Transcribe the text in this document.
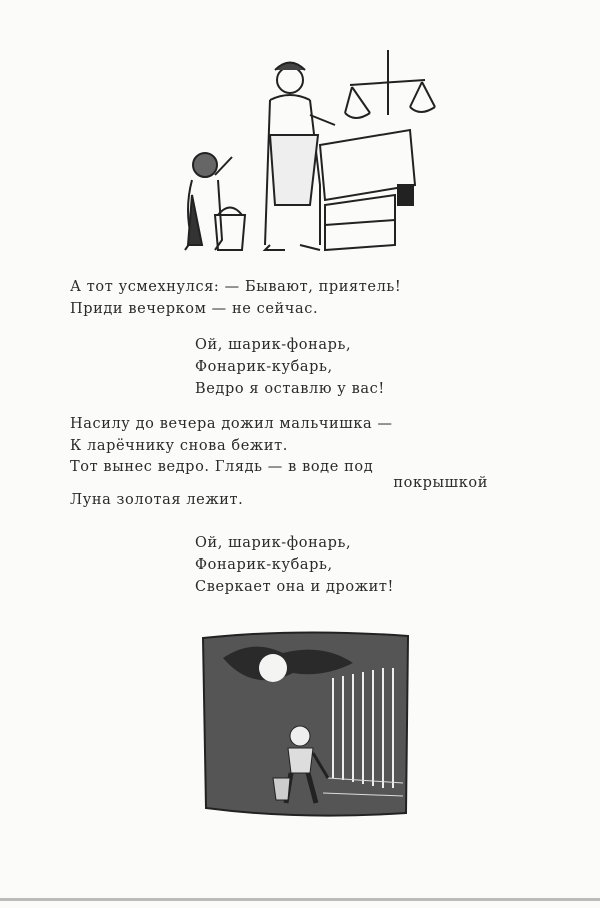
А тот усмехнулся: — Бывают, приятель!
Приди вечерком — не сейчас.
Ой, шарик-фонарь,
Фонарик-кубарь,
Ведро я оставлю у вас!
Насилу до вечера дожил мальчишка —
К ларёчнику снова бежит.
Тот вынес ведро. Глядь — в воде под
покрышкой
Луна золотая лежит.
Ой, шарик-фонарь,
Фонарик-кубарь,
Сверкает она и дрожит!
